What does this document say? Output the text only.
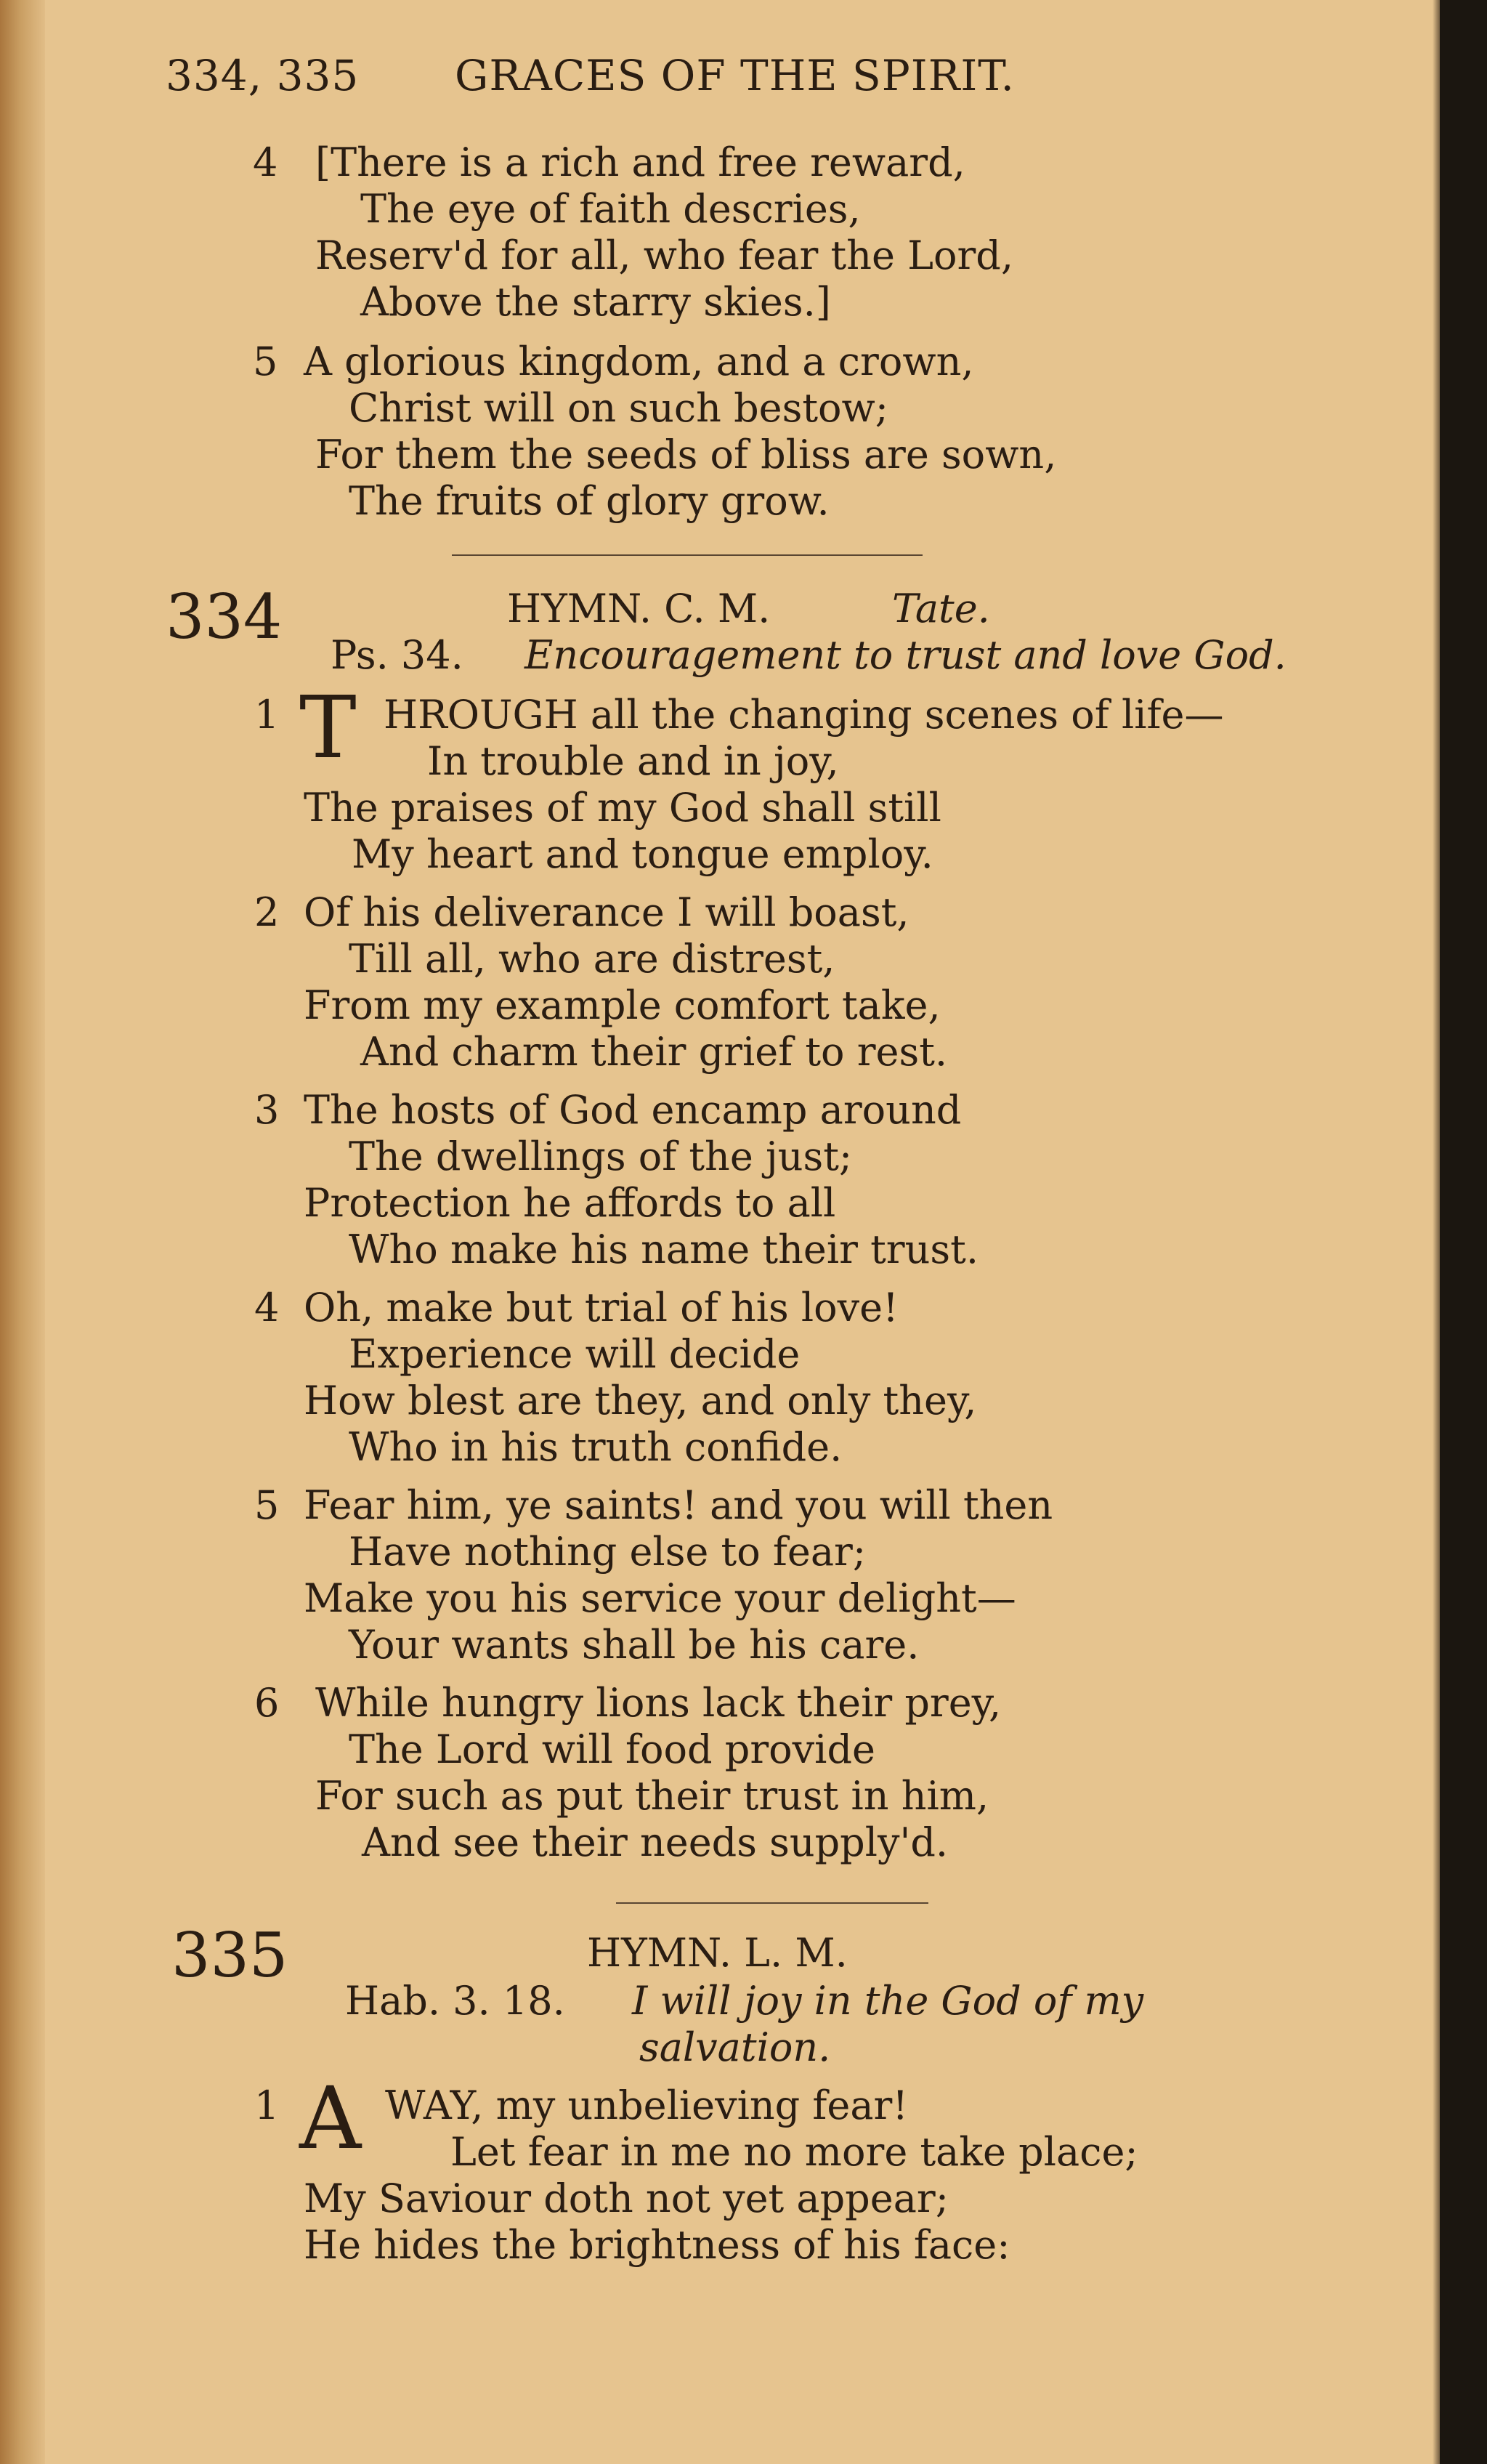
334, 335 GRACES OF THE SPIRIT.
4 [There is a rich and free reward,
The eye of faith descries,
Reserv'd for all, who fear the Lord,
Above the starry skies.]
5 A glorious kingdom, and a crown,
Christ will on such bestow;
For them the seeds of bliss are sown,
The fruits of glory grow.
334	HYMN. C. M.	Tate.
Ps. 34. Encouragement to trust and love God.
1 T HROUGH all the changing scenes of life—
In trouble and in joy,
The praises of my God shall still
My heart and tongue employ.
2 Of his deliverance I will boast,
Till all, who are distrest,
From my example comfort take,
And charm their grief to rest.
3 The hosts of God encamp around
The dwellings of the just;
Protection he affords to all
Who make his name their trust.
4 Oh, make but trial of his love!
Experience will decide
How blest are they, and only they,
Who in his truth confide.
5 Fear him, ye saints! and you will then
Have nothing else to fear;
Make you his service your delight—
Your wants shall be his care.
6 While hungry lions lack their prey,
The Lord will food provide
For such as put their trust in him,
And see their needs supply'd.
335	HYMN. L. M.
Hab. 3. 18. I will joy in the God of my
salvation.
1 A WAY, my unbelieving fear!
Let fear in me no more take place;
My Saviour doth not yet appear;
He hides the brightness of his face:
